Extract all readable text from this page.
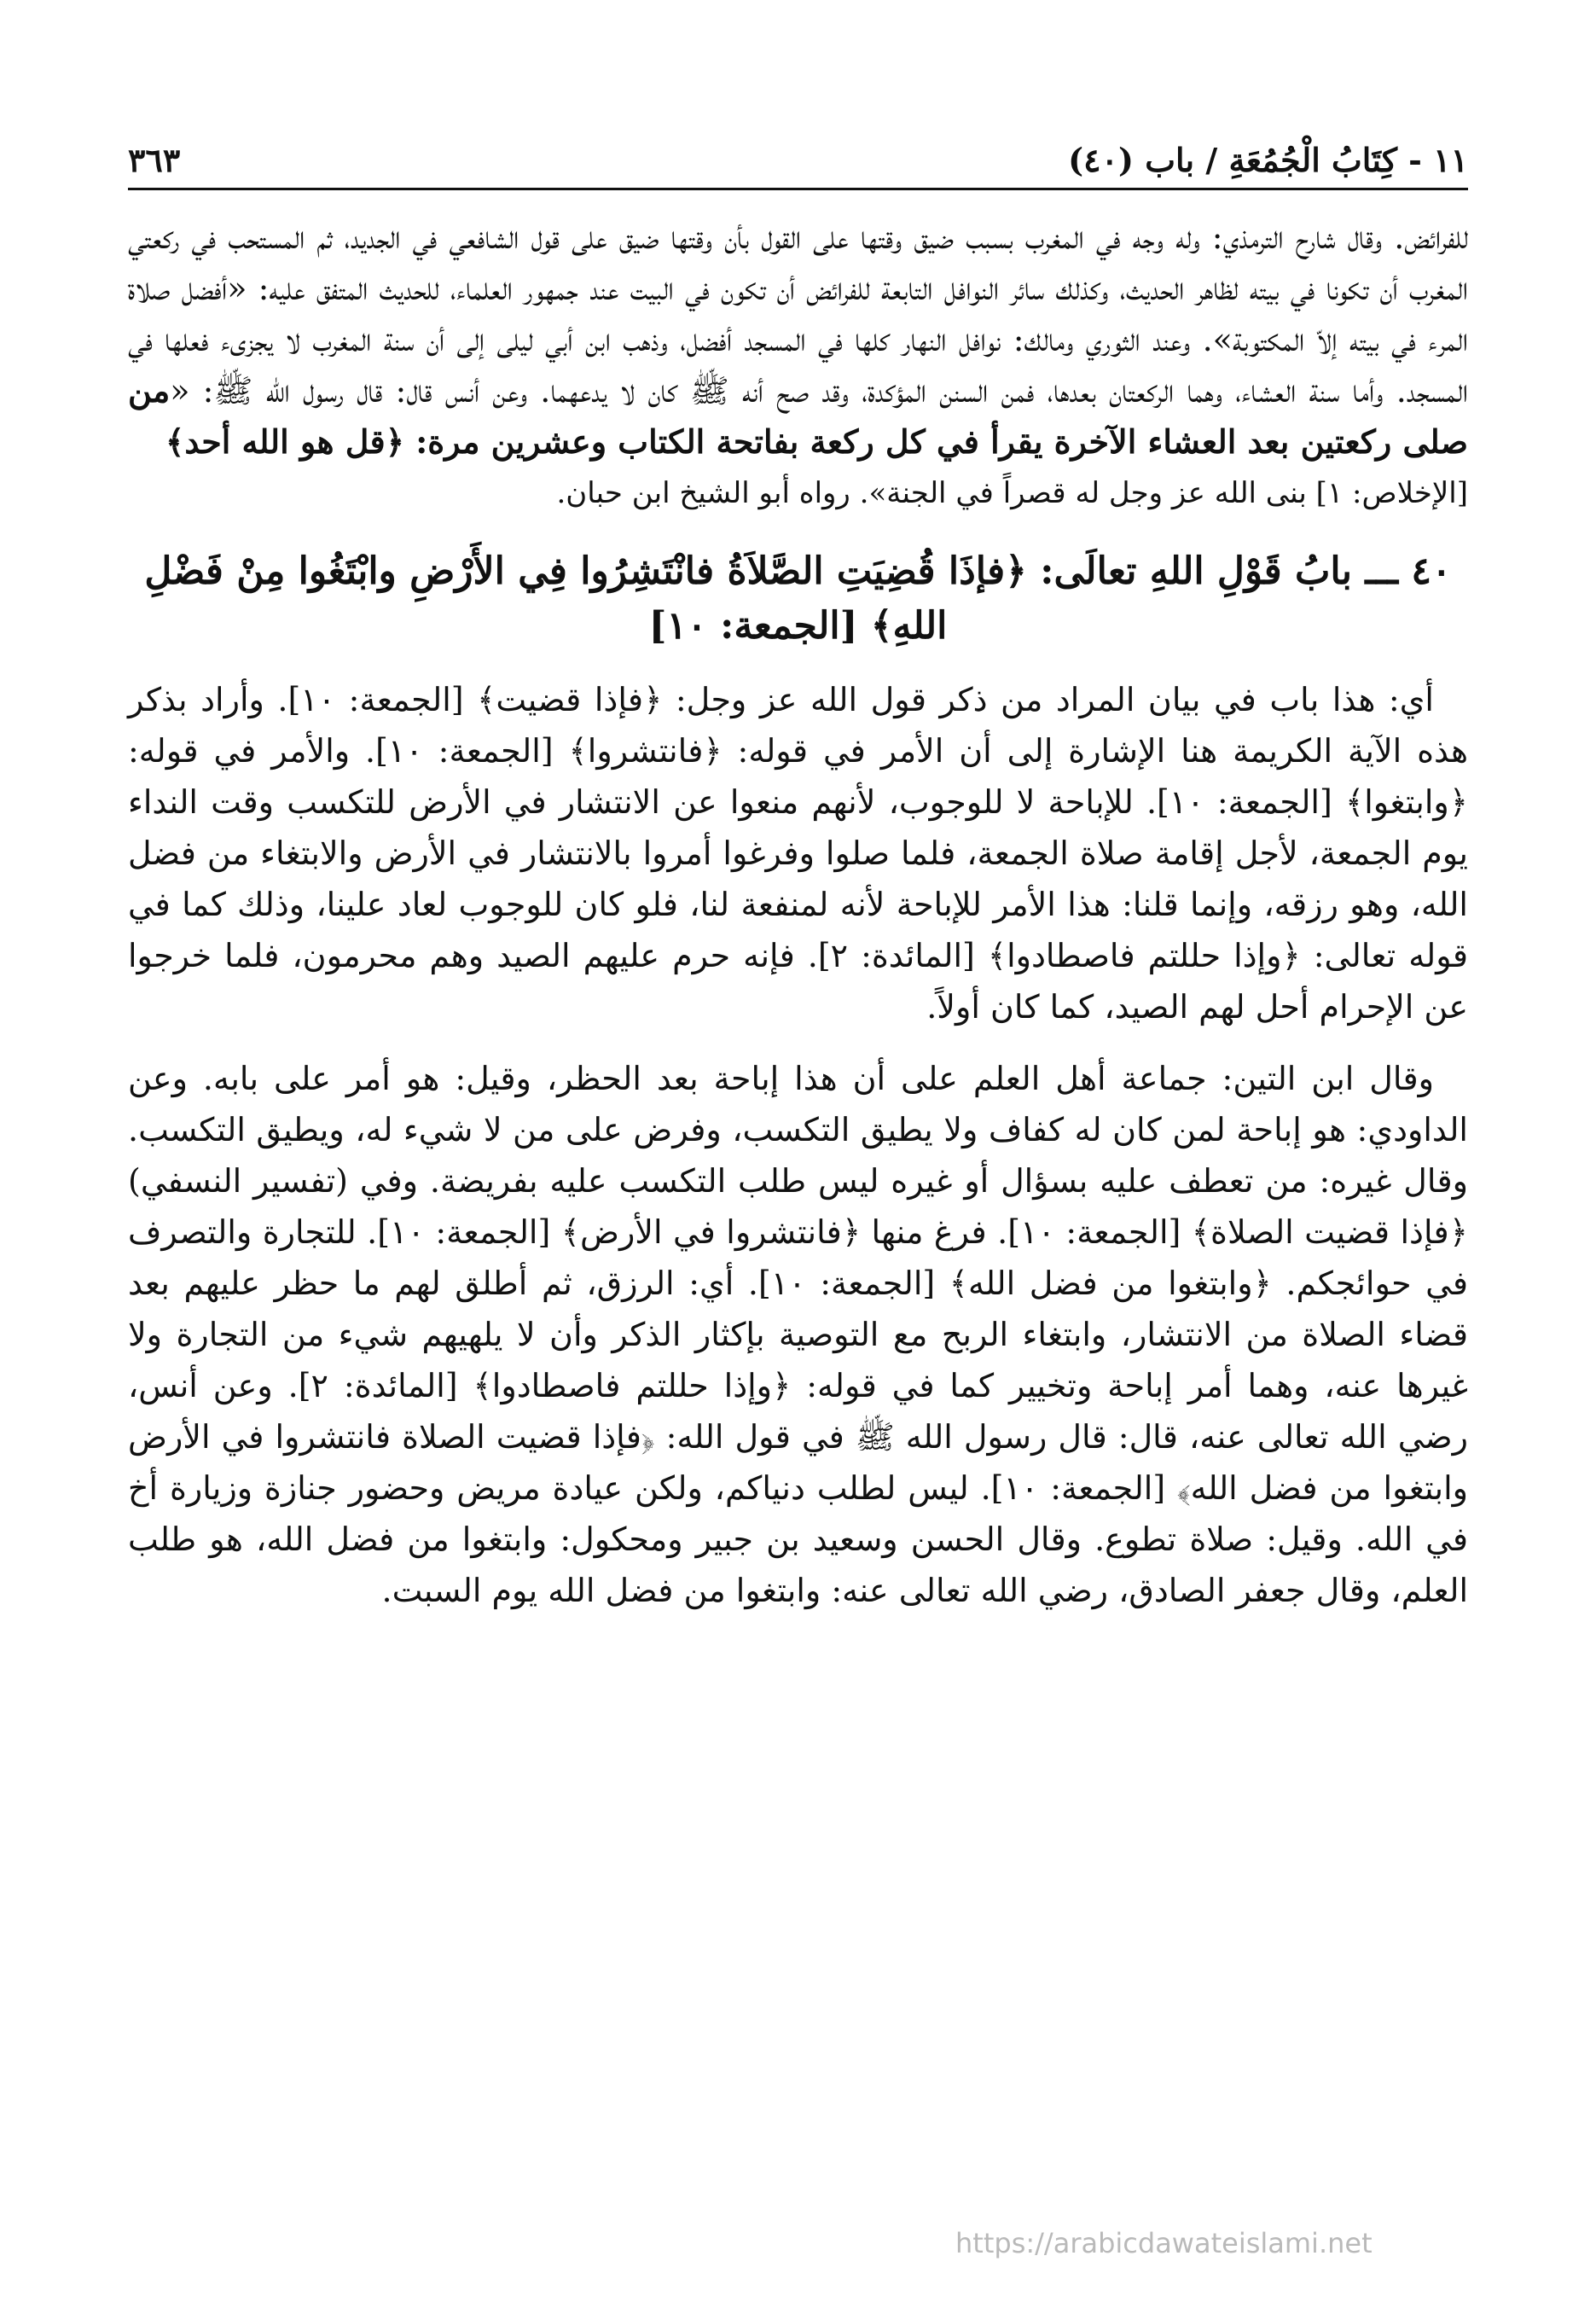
١١ - كِتَابُ الْجُمُعَةِ / باب (٤٠)
٣٦٣

للفرائض. وقال شارح الترمذي: وله وجه في المغرب بسبب ضيق وقتها على القول بأن وقتها ضيق على قول الشافعي في الجديد، ثم المستحب في ركعتي المغرب أن تكونا في بيته لظاهر الحديث، وكذلك سائر النوافل التابعة للفرائض أن تكون في البيت عند جمهور العلماء، للحديث المتفق عليه: «أفضل صلاة المرء في بيته إلاّ المكتوبة». وعند الثوري ومالك: نوافل النهار كلها في المسجد أفضل، وذهب ابن أبي ليلى إلى أن سنة المغرب لا يجزىء فعلها في المسجد. وأما سنة العشاء، وهما الركعتان بعدها، فمن السنن المؤكدة، وقد صح أنه ﷺ كان لا يدعهما. وعن أنس قال: قال رسول الله ﷺ: «من صلى ركعتين بعد العشاء الآخرة يقرأ في كل ركعة بفاتحة الكتاب وعشرين مرة: ﴿قل هو الله أحد﴾

[الإخلاص: ١] بنى الله عز وجل له قصراً في الجنة». رواه أبو الشيخ ابن حبان.

٤٠ ـــ بابُ قَوْلِ اللهِ تعالَى: ﴿فإذَا قُضِيَتِ الصَّلاَةُ فانْتَشِرُوا فِي الأَرْضِ وابْتَغُوا مِنْ فَضْلِ اللهِ﴾ [الجمعة: ١٠]

أي: هذا باب في بيان المراد من ذكر قول الله عز وجل: ﴿فإذا قضيت﴾ [الجمعة: ١٠]. وأراد بذكر هذه الآية الكريمة هنا الإشارة إلى أن الأمر في قوله: ﴿فانتشروا﴾ [الجمعة: ١٠]. والأمر في قوله: ﴿وابتغوا﴾ [الجمعة: ١٠]. للإباحة لا للوجوب، لأنهم منعوا عن الانتشار في الأرض للتكسب وقت النداء يوم الجمعة، لأجل إقامة صلاة الجمعة، فلما صلوا وفرغوا أمروا بالانتشار في الأرض والابتغاء من فضل الله، وهو رزقه، وإنما قلنا: هذا الأمر للإباحة لأنه لمنفعة لنا، فلو كان للوجوب لعاد علينا، وذلك كما في قوله تعالى: ﴿وإذا حللتم فاصطادوا﴾ [المائدة: ٢]. فإنه حرم عليهم الصيد وهم محرمون، فلما خرجوا عن الإحرام أحل لهم الصيد، كما كان أولاً.

وقال ابن التين: جماعة أهل العلم على أن هذا إباحة بعد الحظر، وقيل: هو أمر على بابه. وعن الداودي: هو إباحة لمن كان له كفاف ولا يطيق التكسب، وفرض على من لا شيء له، ويطيق التكسب. وقال غيره: من تعطف عليه بسؤال أو غيره ليس طلب التكسب عليه بفريضة. وفي (تفسير النسفي) ﴿فإذا قضيت الصلاة﴾ [الجمعة: ١٠]. فرغ منها ﴿فانتشروا في الأرض﴾ [الجمعة: ١٠]. للتجارة والتصرف في حوائجكم. ﴿وابتغوا من فضل الله﴾ [الجمعة: ١٠]. أي: الرزق، ثم أطلق لهم ما حظر عليهم بعد قضاء الصلاة من الانتشار، وابتغاء الربح مع التوصية بإكثار الذكر وأن لا يلهيهم شيء من التجارة ولا غيرها عنه، وهما أمر إباحة وتخيير كما في قوله: ﴿وإذا حللتم فاصطادوا﴾ [المائدة: ٢]. وعن أنس، رضي الله تعالى عنه، قال: قال رسول الله ﷺ في قول الله: ﴿فإذا قضيت الصلاة فانتشروا في الأرض وابتغوا من فضل الله﴾ [الجمعة: ١٠]. ليس لطلب دنياكم، ولكن عيادة مريض وحضور جنازة وزيارة أخ في الله. وقيل: صلاة تطوع. وقال الحسن وسعيد بن جبير ومحكول: وابتغوا من فضل الله، هو طلب العلم، وقال جعفر الصادق، رضي الله تعالى عنه: وابتغوا من فضل الله يوم السبت.

https://arabicdawateislami.net
